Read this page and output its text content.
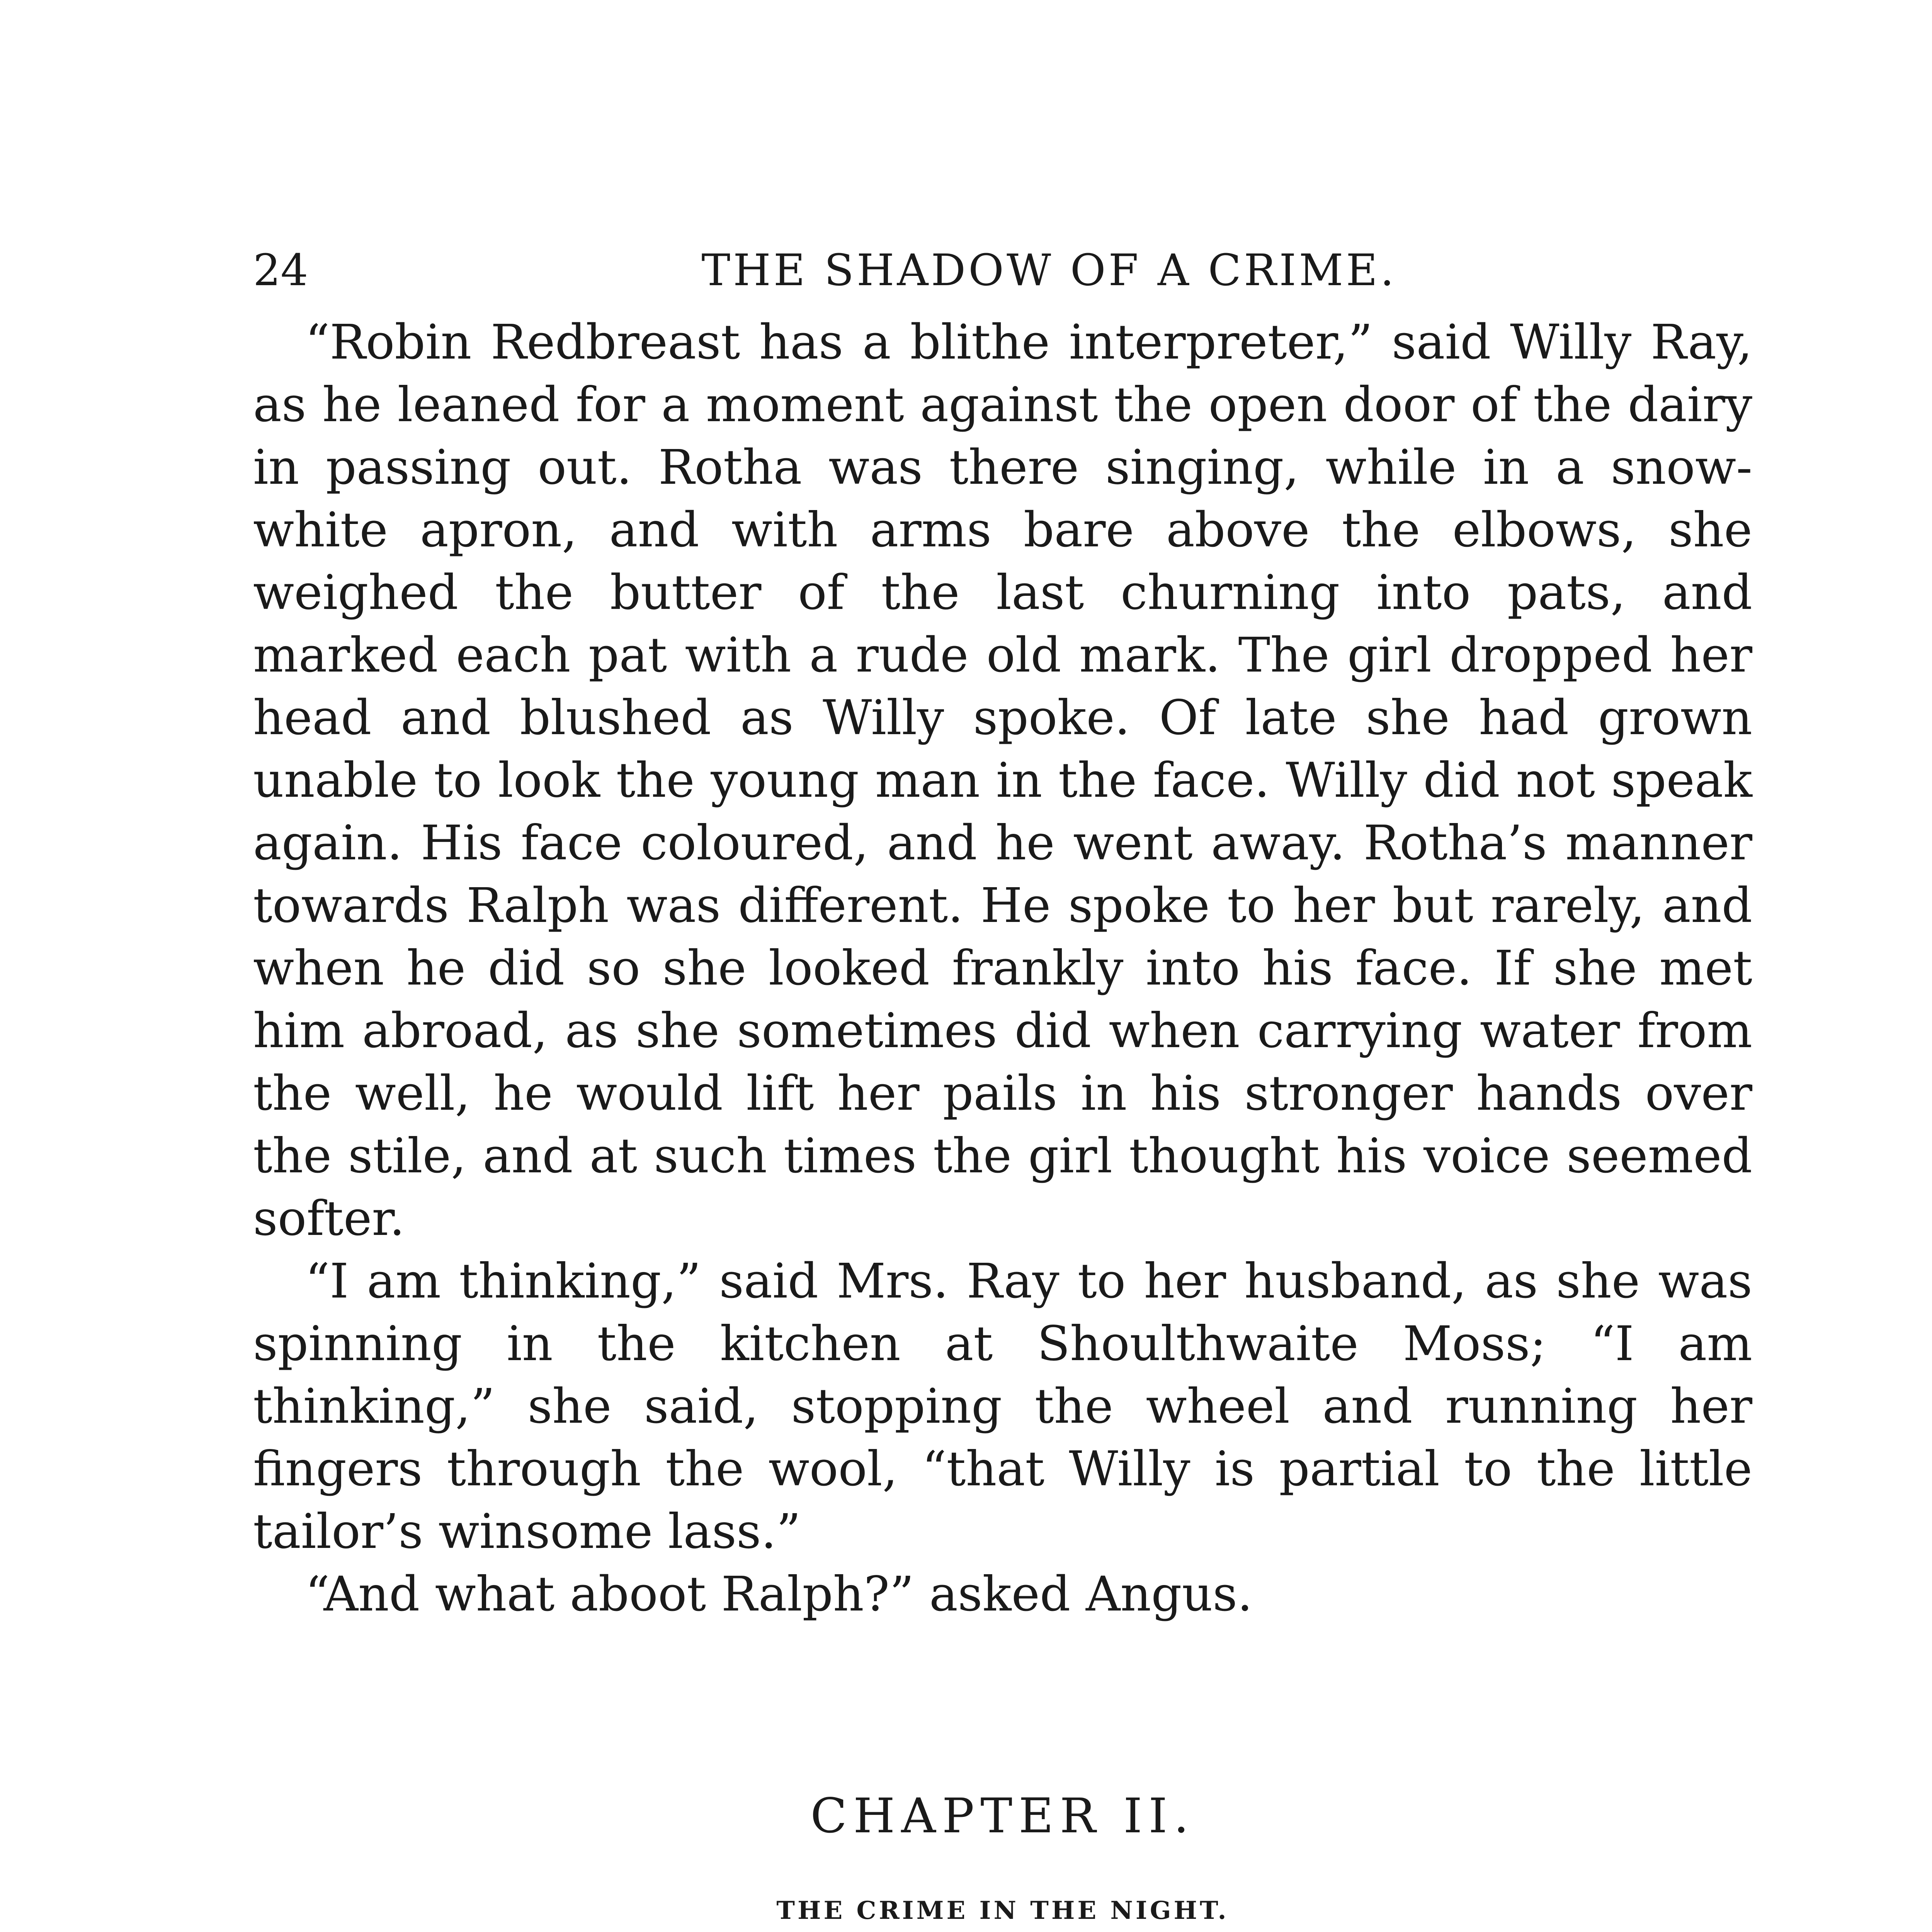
24	THE SHADOW OF A CRIME.

“Robin Redbreast has a blithe interpreter,” said Willy Ray, as he leaned for a moment against the open door of the dairy in passing out. Rotha was there singing, while in a snow-white apron, and with arms bare above the elbows, she weighed the butter of the last churning into pats, and marked each pat with a rude old mark. The girl dropped her head and blushed as Willy spoke. Of late she had grown unable to look the young man in the face. Willy did not speak again. His face coloured, and he went away. Rotha’s manner towards Ralph was different. He spoke to her but rarely, and when he did so she looked frankly into his face. If she met him abroad, as she sometimes did when carrying water from the well, he would lift her pails in his stronger hands over the stile, and at such times the girl thought his voice seemed softer.

“I am thinking,” said Mrs. Ray to her husband, as she was spinning in the kitchen at Shoulthwaite Moss; “I am thinking,” she said, stopping the wheel and running her fingers through the wool, “that Willy is partial to the little tailor’s winsome lass.”

“And what aboot Ralph?” asked Angus.

CHAPTER II.
THE CRIME IN THE NIGHT.
